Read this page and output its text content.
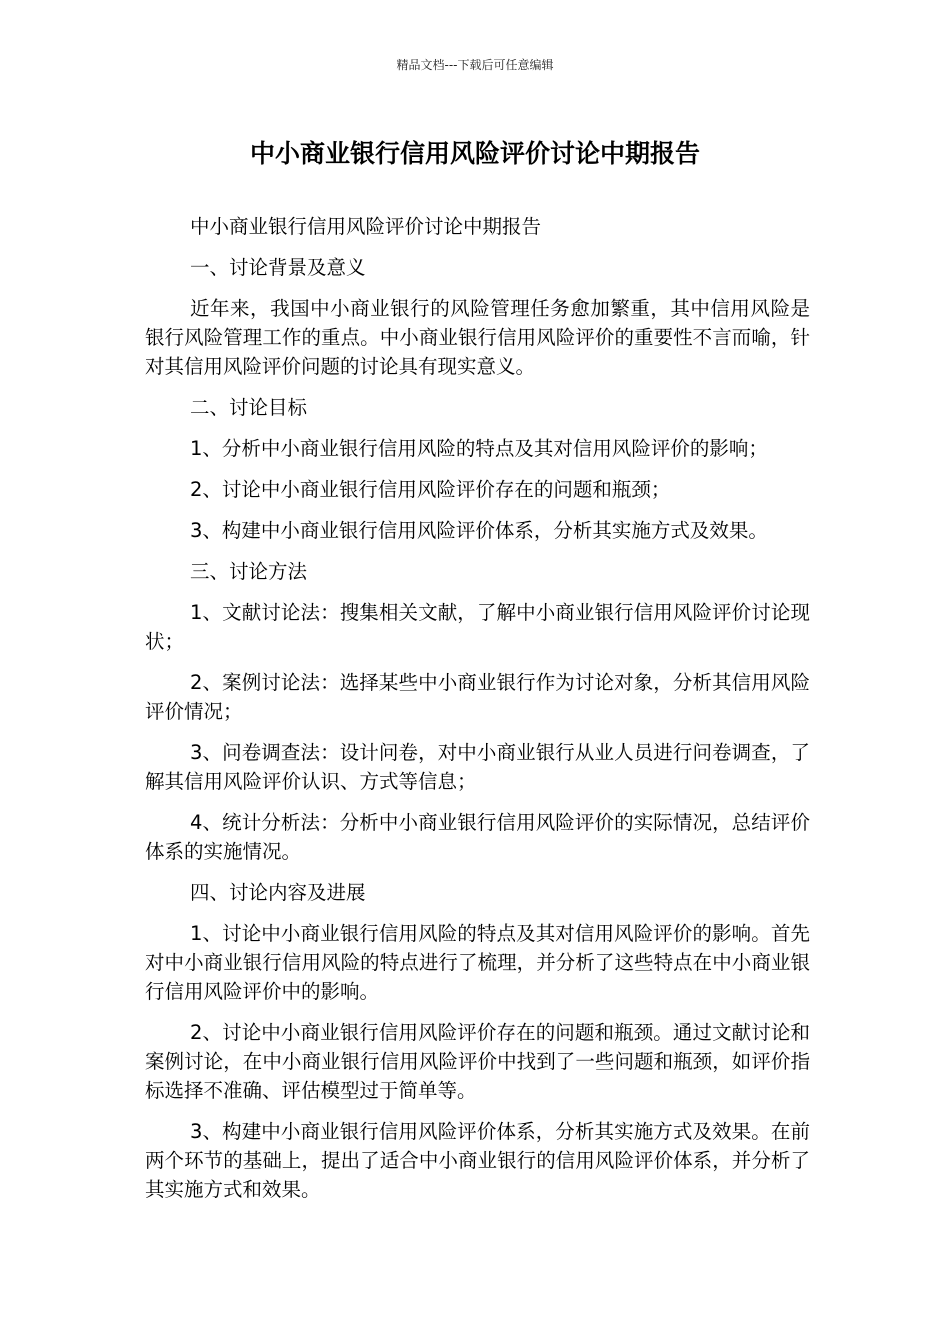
精品文档---下载后可任意编辑
中小商业银行信用风险评价讨论中期报告

中小商业银行信用风险评价讨论中期报告

一、讨论背景及意义

近年来，我国中小商业银行的风险管理任务愈加繁重，其中信用风险是银行风险管理工作的重点。中小商业银行信用风险评价的重要性不言而喻，针对其信用风险评价问题的讨论具有现实意义。

二、讨论目标

1、分析中小商业银行信用风险的特点及其对信用风险评价的影响；

2、讨论中小商业银行信用风险评价存在的问题和瓶颈；

3、构建中小商业银行信用风险评价体系，分析其实施方式及效果。

三、讨论方法

1、文献讨论法：搜集相关文献，了解中小商业银行信用风险评价讨论现状；

2、案例讨论法：选择某些中小商业银行作为讨论对象，分析其信用风险评价情况；

3、问卷调查法：设计问卷，对中小商业银行从业人员进行问卷调查，了解其信用风险评价认识、方式等信息；

4、统计分析法：分析中小商业银行信用风险评价的实际情况，总结评价体系的实施情况。

四、讨论内容及进展

1、讨论中小商业银行信用风险的特点及其对信用风险评价的影响。首先对中小商业银行信用风险的特点进行了梳理，并分析了这些特点在中小商业银行信用风险评价中的影响。

2、讨论中小商业银行信用风险评价存在的问题和瓶颈。通过文献讨论和案例讨论，在中小商业银行信用风险评价中找到了一些问题和瓶颈，如评价指标选择不准确、评估模型过于简单等。

3、构建中小商业银行信用风险评价体系，分析其实施方式及效果。在前两个环节的基础上，提出了适合中小商业银行的信用风险评价体系，并分析了其实施方式和效果。
